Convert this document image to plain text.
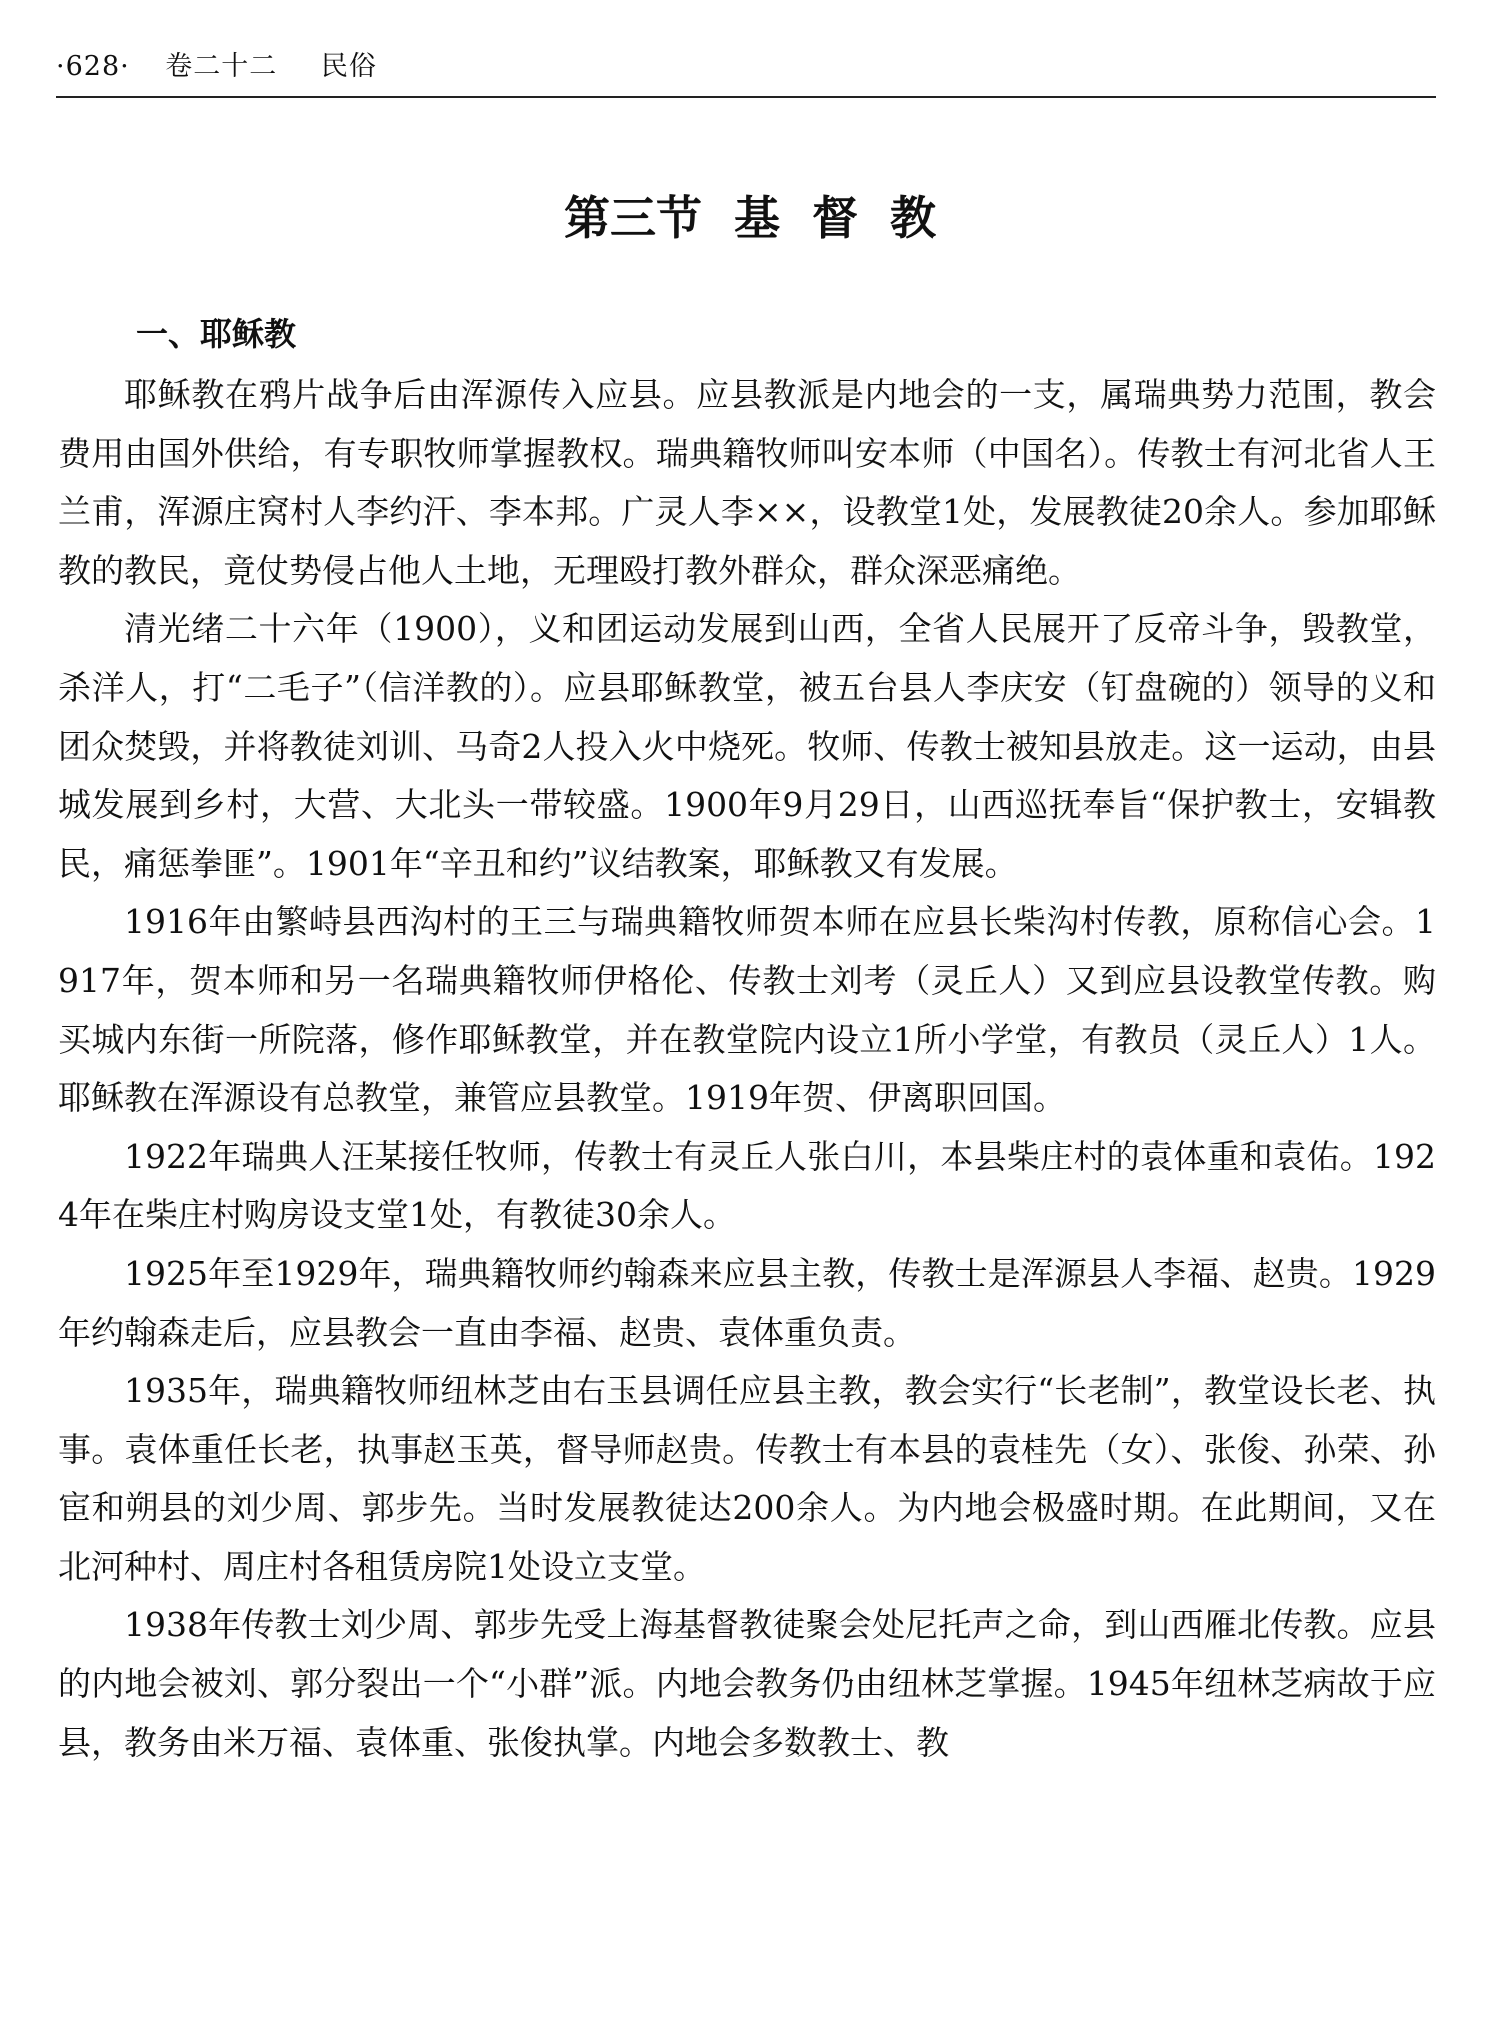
·628· 卷二十二 民俗
第三节  基  督  教
一、耶稣教

耶稣教在鸦片战争后由浑源传入应县。应县教派是内地会的一支，属瑞典势力范围，教会费用由国外供给，有专职牧师掌握教权。瑞典籍牧师叫安本师（中国名）。传教士有河北省人王兰甫，浑源庄窝村人李约汗、李本邦。广灵人李××，设教堂1处，发展教徒20余人。参加耶稣教的教民，竟仗势侵占他人土地，无理殴打教外群众，群众深恶痛绝。

清光绪二十六年（1900），义和团运动发展到山西，全省人民展开了反帝斗争，毁教堂，杀洋人，打“二毛子”（信洋教的）。应县耶稣教堂，被五台县人李庆安（钉盘碗的）领导的义和团众焚毁，并将教徒刘训、马奇2人投入火中烧死。牧师、传教士被知县放走。这一运动，由县城发展到乡村，大营、大北头一带较盛。1900年9月29日，山西巡抚奉旨“保护教士，安辑教民，痛惩拳匪”。1901年“辛丑和约”议结教案，耶稣教又有发展。

1916年由繁峙县西沟村的王三与瑞典籍牧师贺本师在应县长柴沟村传教，原称信心会。1917年，贺本师和另一名瑞典籍牧师伊格伦、传教士刘考（灵丘人）又到应县设教堂传教。购买城内东街一所院落，修作耶稣教堂，并在教堂院内设立1所小学堂，有教员（灵丘人）1人。耶稣教在浑源设有总教堂，兼管应县教堂。1919年贺、伊离职回国。

1922年瑞典人汪某接任牧师，传教士有灵丘人张白川，本县柴庄村的袁体重和袁佑。1924年在柴庄村购房设支堂1处，有教徒30余人。

1925年至1929年，瑞典籍牧师约翰森来应县主教，传教士是浑源县人李福、赵贵。1929年约翰森走后，应县教会一直由李福、赵贵、袁体重负责。

1935年，瑞典籍牧师纽林芝由右玉县调任应县主教，教会实行“长老制”，教堂设长老、执事。袁体重任长老，执事赵玉英，督导师赵贵。传教士有本县的袁桂先（女）、张俊、孙荣、孙宦和朔县的刘少周、郭步先。当时发展教徒达200余人。为内地会极盛时期。在此期间，又在北河种村、周庄村各租赁房院1处设立支堂。

1938年传教士刘少周、郭步先受上海基督教徒聚会处尼托声之命，到山西雁北传教。应县的内地会被刘、郭分裂出一个“小群”派。内地会教务仍由纽林芝掌握。1945年纽林芝病故于应县，教务由米万福、袁体重、张俊执掌。内地会多数教士、教
